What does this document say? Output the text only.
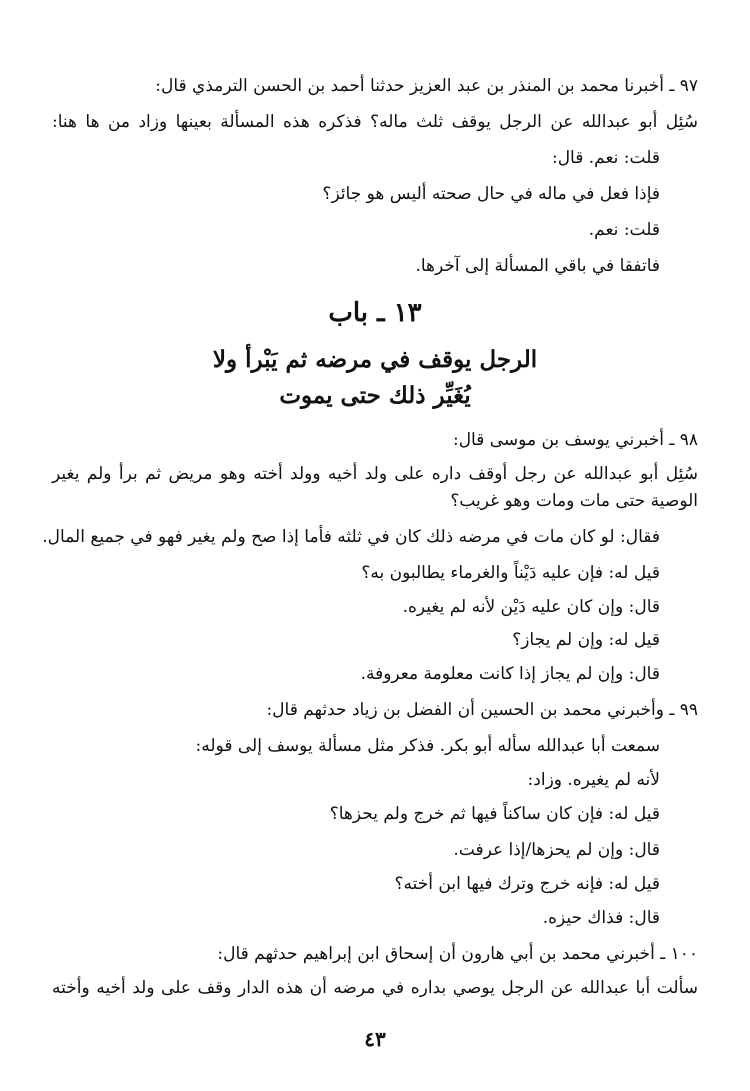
٩٧ ـ أخبرنا محمد بن المنذر بن عبد العزيز حدثنا أحمد بن الحسن الترمذي قال:
سُئِل أبو عبدالله عن الرجل يوقف ثلث ماله؟ فذكره هذه المسألة بعينها وزاد من ها هنا:
قلت: نعم. قال:
فإذا فعل في ماله في حال صحته أليس هو جائز؟
قلت: نعم.
فاتفقا في باقي المسألة إلى آخرها.
١٣ ـ باب
الرجل يوقف في مرضه ثم يَبْرأ ولا
يُغَيِّر ذلك حتى يموت
٩٨ ـ أخبرني يوسف بن موسى قال:
سُئِل أبو عبدالله عن رجل أوقف داره على ولد أخيه وولد أخته وهو مريض ثم برأ ولم يغير
الوصية حتى مات ومات وهو غريب؟
فقال: لو كان مات في مرضه ذلك كان في ثلثه فأما إذا صح ولم يغير فهو في جميع المال.
قيل له: فإن عليه دَيْناً والغرماء يطالبون به؟
قال: وإن كان عليه دَيْن لأنه لم يغيره.
قيل له: وإن لم يجاز؟
قال: وإن لم يجاز إذا كانت معلومة معروفة.
٩٩ ـ وأخبرني محمد بن الحسين أن الفضل بن زياد حدثهم قال:
سمعت أبا عبدالله سأله أبو بكر. فذكر مثل مسألة يوسف إلى قوله:
لأنه لم يغيره. وزاد:
قيل له: فإن كان ساكناً فيها ثم خرج ولم يحزها؟
قال: وإن لم يحزها/إذا عرفت.
قيل له: فإنه خرج وترك فيها ابن أخته؟
قال: فذاك حيزه.
١٠٠ ـ أخبرني محمد بن أبي هارون أن إسحاق ابن إبراهيم حدثهم قال:
سألت أبا عبدالله عن الرجل يوصي بداره في مرضه أن هذه الدار وقف على ولد أخيه وأخته
٤٣
